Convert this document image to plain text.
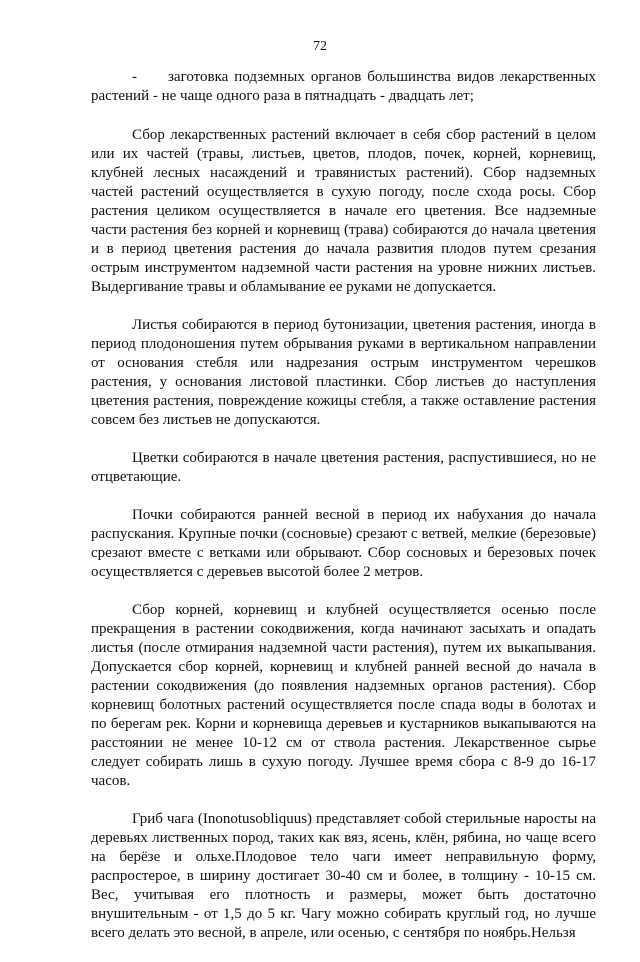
72
-	заготовка подземных органов большинства видов лекарственных
растений - не чаще одного раза в пятнадцать - двадцать лет;

Сбор лекарственных растений включает в себя сбор растений в целом или их частей (травы, листьев, цветов, плодов, почек, корней, корневищ, клубней лесных насаждений и травянистых растений). Сбор надземных частей растений осуществляется в сухую погоду, после схода росы. Сбор растения целиком осуществляется в начале его цветения. Все надземные части растения без корней и корневищ (трава) собираются до начала цветения и в период цветения растения до начала развития плодов путем срезания острым инструментом надземной части растения на уровне нижних листьев. Выдергивание травы и обламывание ее руками не допускается.

Листья собираются в период бутонизации, цветения растения, иногда в период плодоношения путем обрывания руками в вертикальном направлении от основания стебля или надрезания острым инструментом черешков растения, у основания листовой пластинки. Сбор листьев до наступления цветения растения, повреждение кожицы стебля, а также оставление растения совсем без листьев не допускаются.

Цветки собираются в начале цветения растения, распустившиеся, но не отцветающие.

Почки собираются ранней весной в период их набухания до начала распускания. Крупные почки (сосновые) срезают с ветвей, мелкие (березовые) срезают вместе с ветками или обрывают. Сбор сосновых и березовых почек осуществляется с деревьев высотой более 2 метров.

Сбор корней, корневищ и клубней осуществляется осенью после прекращения в растении сокодвижения, когда начинают засыхать и опадать листья (после отмирания надземной части растения), путем их выкапывания. Допускается сбор корней, корневищ и клубней ранней весной до начала в растении сокодвижения (до появления надземных органов растения). Сбор корневищ болотных растений осуществляется после спада воды в болотах и по берегам рек. Корни и корневища деревьев и кустарников выкапываются на расстоянии не менее 10-12 см от ствола растения. Лекарственное сырье следует собирать лишь в сухую погоду. Лучшее время сбора с 8-9 до 16-17 часов.

Гриб чага (Inonotusobliquus) представляет собой стерильные наросты на деревьях лиственных пород, таких как вяз, ясень, клён, рябина, но чаще всего на берёзе и ольхе.Плодовое тело чаги имеет неправильную форму, распростерое, в ширину достигает 30-40 см и более, в толщину - 10-15 см. Вес, учитывая его плотность и размеры, может быть достаточно внушительным - от 1,5 до 5 кг. Чагу можно собирать круглый год, но лучше всего делать это весной, в апреле, или осенью, с сентября по ноябрь.Нельзя
